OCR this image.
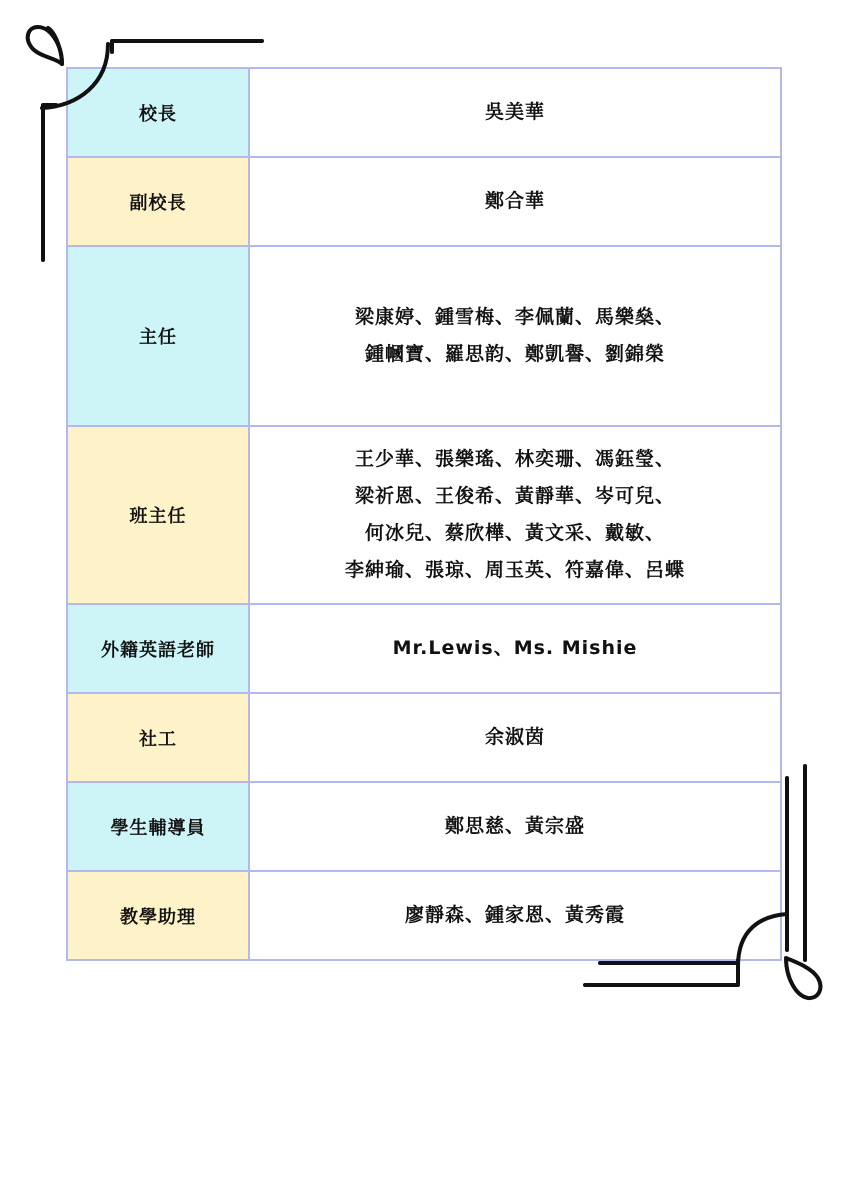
校長	吳美華

副校長	鄭合華

主任	梁康婷、鍾雪梅、李佩蘭、馬樂燊、
鍾幗寶、羅思韵、鄭凱譽、劉錦榮

班主任	王少華、張樂瑤、林奕珊、馮鈺瑩、
梁祈恩、王俊希、黃靜華、岑可兒、
何冰兒、蔡欣樺、黃文采、戴敏、
李紳瑜、張琼、周玉英、符嘉偉、呂蝶

外籍英語老師	Mr.Lewis、Ms. Mishie

社工	余淑茵

學生輔導員	鄭思慈、黃宗盛

教學助理	廖靜森、鍾家恩、黃秀霞
